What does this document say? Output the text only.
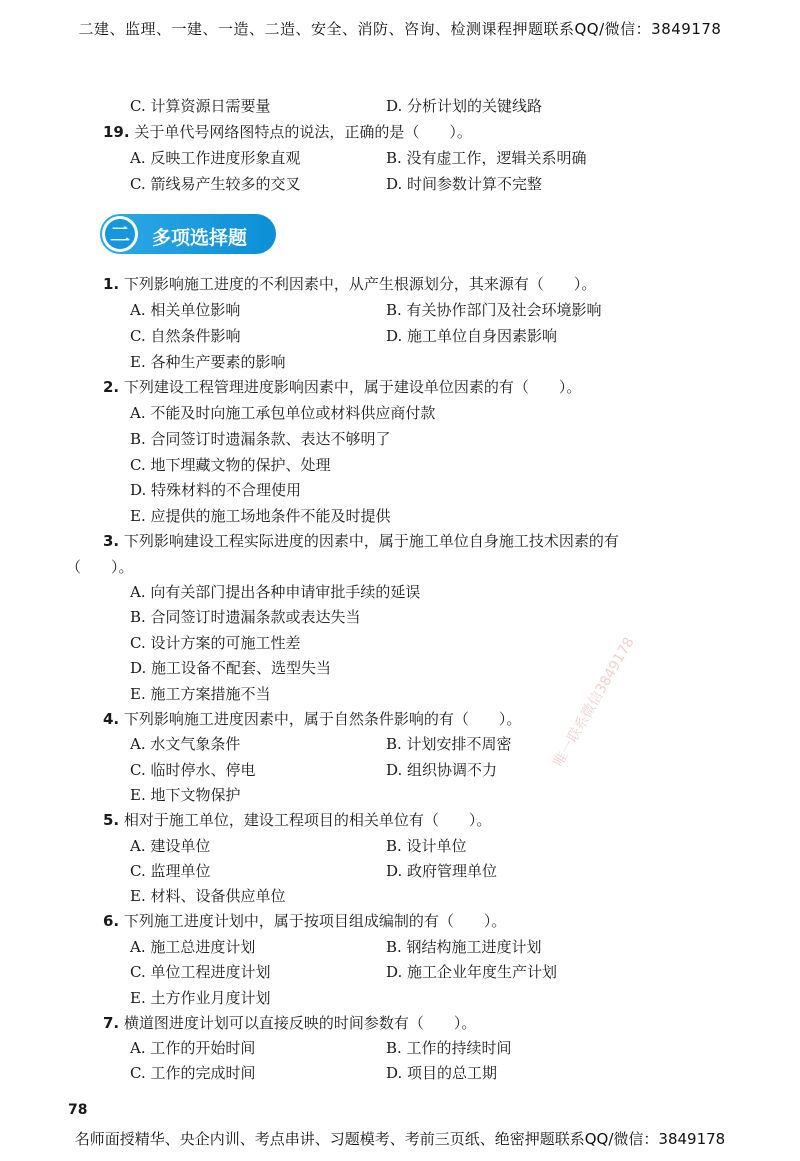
二建、监理、一建、一造、二造、安全、消防、咨询、检测课程押题联系QQ/微信：3849178
C. 计算资源日需要量	D. 分析计划的关键线路
19. 关于单代号网络图特点的说法，正确的是（　　）。
A. 反映工作进度形象直观	B. 没有虚工作，逻辑关系明确
C. 箭线易产生较多的交叉	D. 时间参数计算不完整
二 多项选择题
1. 下列影响施工进度的不利因素中，从产生根源划分，其来源有（　　）。
A. 相关单位影响	B. 有关协作部门及社会环境影响
C. 自然条件影响	D. 施工单位自身因素影响
E. 各种生产要素的影响
2. 下列建设工程管理进度影响因素中，属于建设单位因素的有（　　）。
A. 不能及时向施工承包单位或材料供应商付款
B. 合同签订时遗漏条款、表达不够明了
C. 地下埋藏文物的保护、处理
D. 特殊材料的不合理使用
E. 应提供的施工场地条件不能及时提供
3. 下列影响建设工程实际进度的因素中，属于施工单位自身施工技术因素的有
（　　）。
A. 向有关部门提出各种申请审批手续的延误
B. 合同签订时遗漏条款或表达失当
C. 设计方案的可施工性差
D. 施工设备不配套、选型失当
E. 施工方案措施不当
4. 下列影响施工进度因素中，属于自然条件影响的有（　　）。
A. 水文气象条件	B. 计划安排不周密
C. 临时停水、停电	D. 组织协调不力
E. 地下文物保护
5. 相对于施工单位，建设工程项目的相关单位有（　　）。
A. 建设单位	B. 设计单位
C. 监理单位	D. 政府管理单位
E. 材料、设备供应单位
6. 下列施工进度计划中，属于按项目组成编制的有（　　）。
A. 施工总进度计划	B. 钢结构施工进度计划
C. 单位工程进度计划	D. 施工企业年度生产计划
E. 土方作业月度计划
7. 横道图进度计划可以直接反映的时间参数有（　　）。
A. 工作的开始时间	B. 工作的持续时间
C. 工作的完成时间	D. 项目的总工期
唯一联系微信3849178
78
名师面授精华、央企内训、考点串讲、习题模考、考前三页纸、绝密押题联系QQ/微信：3849178
